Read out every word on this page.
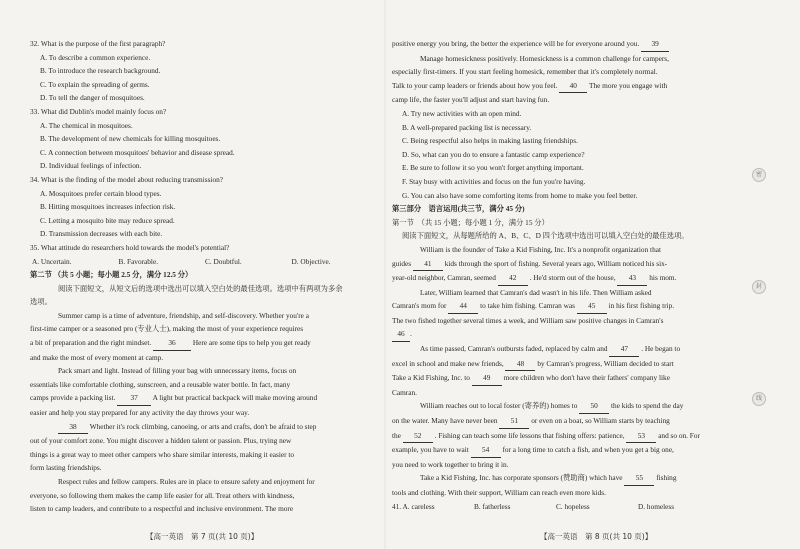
32. What is the purpose of the first paragraph?
A. To describe a common experience.
B. To introduce the research background.
C. To explain the spreading of germs.
D. To tell the danger of mosquitoes.
33. What did Dublin's model mainly focus on?
A. The chemical in mosquitoes.
B. The development of new chemicals for killing mosquitoes.
C. A connection between mosquitoes' behavior and disease spread.
D. Individual feelings of infection.
34. What is the finding of the model about reducing transmission?
A. Mosquitoes prefer certain blood types.
B. Hitting mosquitoes increases infection risk.
C. Letting a mosquito bite may reduce spread.
D. Transmission decreases with each bite.
35. What attitude do researchers hold towards the model's potential?
A. Uncertain.	B. Favorable.	C. Doubtful.	D. Objective.
第二节 （共 5 小题；每小题 2.5 分，满分 12.5 分）
阅读下面短文，从短文后的选项中选出可以填入空白处的最佳选项。选项中有两项为多余
选项。
Summer camp is a time of adventure, friendship, and self-discovery. Whether you're a
first-time camper or a seasoned pro (专业人士), making the most of your experience requires
a bit of preparation and the right mindset. 36 Here are some tips to help you get ready
and make the most of every moment at camp.
Pack smart and light. Instead of filling your bag with unnecessary items, focus on
essentials like comfortable clothing, sunscreen, and a reusable water bottle. In fact, many
camps provide a packing list. 37 A light but practical backpack will make moving around
easier and help you stay prepared for any activity the day throws your way.
38 Whether it's rock climbing, canoeing, or arts and crafts, don't be afraid to step
out of your comfort zone. You might discover a hidden talent or passion. Plus, trying new
things is a great way to meet other campers who share similar interests, making it easier to
form lasting friendships.
Respect rules and fellow campers. Rules are in place to ensure safety and enjoyment for
everyone, so following them makes the camp life easier for all. Treat others with kindness,
listen to camp leaders, and contribute to a respectful and inclusive environment. The more
positive energy you bring, the better the experience will be for everyone around you. 39
Manage homesickness positively. Homesickness is a common challenge for campers,
especially first-timers. If you start feeling homesick, remember that it's completely normal.
Talk to your camp leaders or friends about how you feel. 40 The more you engage with
camp life, the faster you'll adjust and start having fun.
A. Try new activities with an open mind.
B. A well-prepared packing list is necessary.
C. Being respectful also helps in making lasting friendships.
D. So, what can you do to ensure a fantastic camp experience?
E. Be sure to follow it so you won't forget anything important.
F. Stay busy with activities and focus on the fun you're having.
G. You can also have some comforting items from home to make you feel better.
第三部分　语言运用(共三节，满分 45 分)
第一节　（共 15 小题；每小题 1 分，满分 15 分）
阅读下面短文，从每题所给的 A、B、C、D 四个选项中选出可以填入空白处的最佳选项。
William is the founder of Take a Kid Fishing, Inc. It's a nonprofit organization that
guides 41 kids through the sport of fishing. Several years ago, William noticed his six-
year-old neighbor, Camran, seemed 42 . He'd storm out of the house, 43 his mom.
Later, William learned that Camran's dad wasn't in his life. Then William asked
Camran's mom for 44 to take him fishing. Camran was 45 in his first fishing trip.
The two fished together several times a week, and William saw positive changes in Camran's
46 .
As time passed, Camran's outbursts faded, replaced by calm and 47 . He began to
excel in school and make new friends, 48 by Camran's progress, William decided to start
Take a Kid Fishing, Inc. to 49 more children who don't have their fathers' company like
Camran.
William reaches out to local foster (寄养的) homes to 50 the kids to spend the day
on the water. Many have never been 51 or even on a boat, so William starts by teaching
the 52 . Fishing can teach some life lessons that fishing offers: patience, 53 and so on. For
example, you have to wait 54 for a long time to catch a fish, and when you get a big one,
you need to work together to bring it in.
Take a Kid Fishing, Inc. has corporate sponsors (赞助商) which have 55 fishing
tools and clothing. With their support, William can reach even more kids.
41. A. careless	B. fatherless	C. hopeless	D. homeless
密
封
线
【高一英语　第 7 页(共 10 页)】	【高一英语　第 8 页(共 10 页)】
